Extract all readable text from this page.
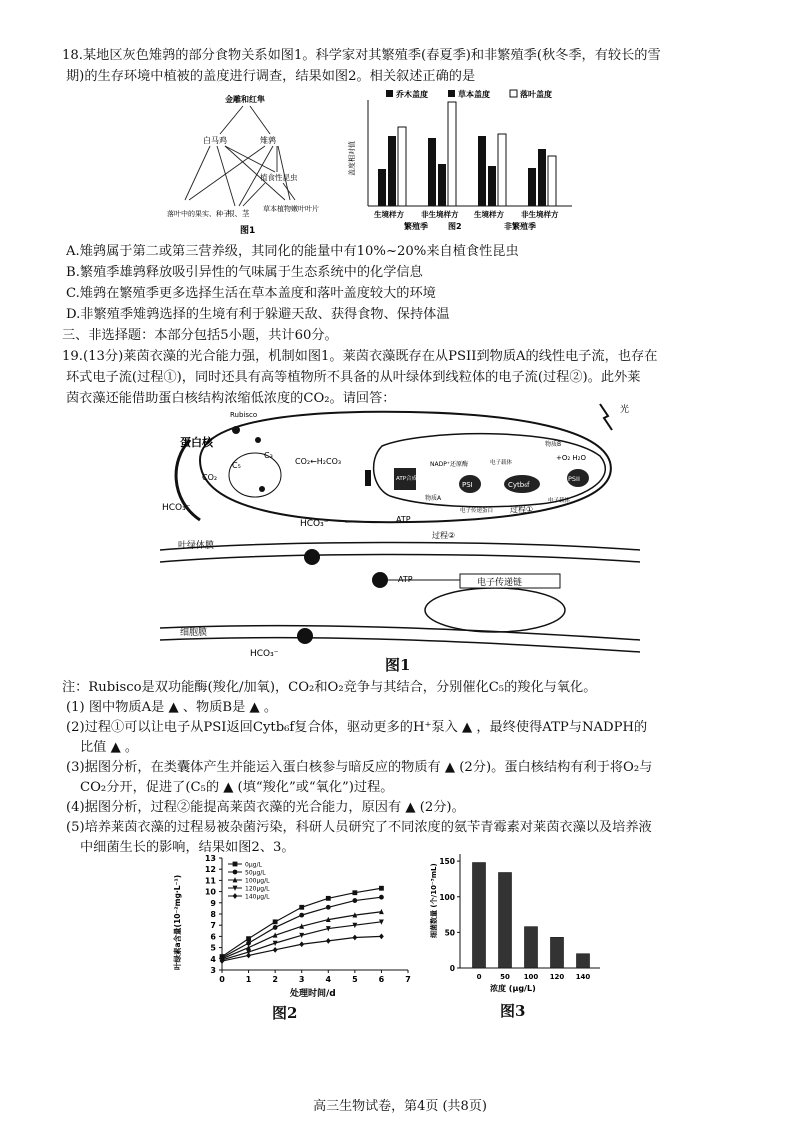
18.某地区灰色雉鹑的部分食物关系如图1。科学家对其繁殖季(春夏季)和非繁殖季(秋冬季，有较长的雪
期)的生存环境中植被的盖度进行调查，结果如图2。相关叙述正确的是
金雕和红隼
白马鸡	雉鹑
植食性昆虫
落叶中的果实、种子
根、茎 草本植物嫩叶叶片
图1
乔木盖度	草本盖度	落叶盖度
盖度相对值
生境样方 非生境样方 生境样方 非生境样方
繁殖季	图2	非繁殖季
A.雉鹑属于第二或第三营养级，其同化的能量中有10%~20%来自植食性昆虫
B.繁殖季雄鹑释放吸引异性的气味属于生态系统中的化学信息
C.雉鹑在繁殖季更多选择生活在草本盖度和落叶盖度较大的环境
D.非繁殖季雉鹑选择的生境有利于躲避天敌、获得食物、保持体温
三、非选择题：本部分包括5小题，共计60分。
19.(13分)莱茵衣藻的光合能力强，机制如图1。莱茵衣藻既存在从PSII到物质A的线性电子流，也存在
环式电子流(过程①)，同时还具有高等植物所不具备的从叶绿体到线粒体的电子流(过程②)。此外莱
茵衣藻还能借助蛋白核结构浓缩低浓度的CO₂。请回答：
蛋白核
Rubisco
CO₂
HCO₃⁻
C₅
C₃
CO₂←H₂CO₃
HCO₃⁻
ATP合成酶
ATP
NADP⁺还原酶
物质A
PSI	Cytb₆f
PSII
物质B
+O₂ H₂O
电子载体
电子载体
电子传递蛋白 过程①
过程②
光
叶绿体膜
电子传递链
ATP
细胞膜
HCO₃⁻
图1
注：Rubisco是双功能酶(羧化/加氧)，CO₂和O₂竞争与其结合，分别催化C₅的羧化与氧化。
(1) 图中物质A是 ▲ 、物质B是 ▲ 。
(2)过程①可以让电子从PSI返回Cytb₆f复合体，驱动更多的H⁺泵入 ▲ ，最终使得ATP与NADPH的
比值 ▲ 。
(3)据图分析，在类囊体产生并能运入蛋白核参与暗反应的物质有 ▲ (2分)。蛋白核结构有利于将O₂与
CO₂分开，促进了(C₅的 ▲ (填“羧化”或“氧化”)过程。
(4)据图分析，过程②能提高莱茵衣藻的光合能力，原因有 ▲ (2分)。
(5)培养莱茵衣藻的过程易被杂菌污染，科研人员研究了不同浓度的氨苄青霉素对莱茵衣藻以及培养液
中细菌生长的影响，结果如图2、3。
叶绿素a含量(10⁻²mg·L⁻¹)
处理时间/d
3
4
5
6
7
8
9
10
11
12
13
0	1	2	3	4	5	6	7
0μg/L
50μg/L
100μg/L
120μg/L
140μg/L
图2
细菌数量 (个/10⁻³mL)
浓度 (μg/L)
0
50
100
150
0	50 100 120 140
图3
高三生物试卷，第4页 (共8页)
